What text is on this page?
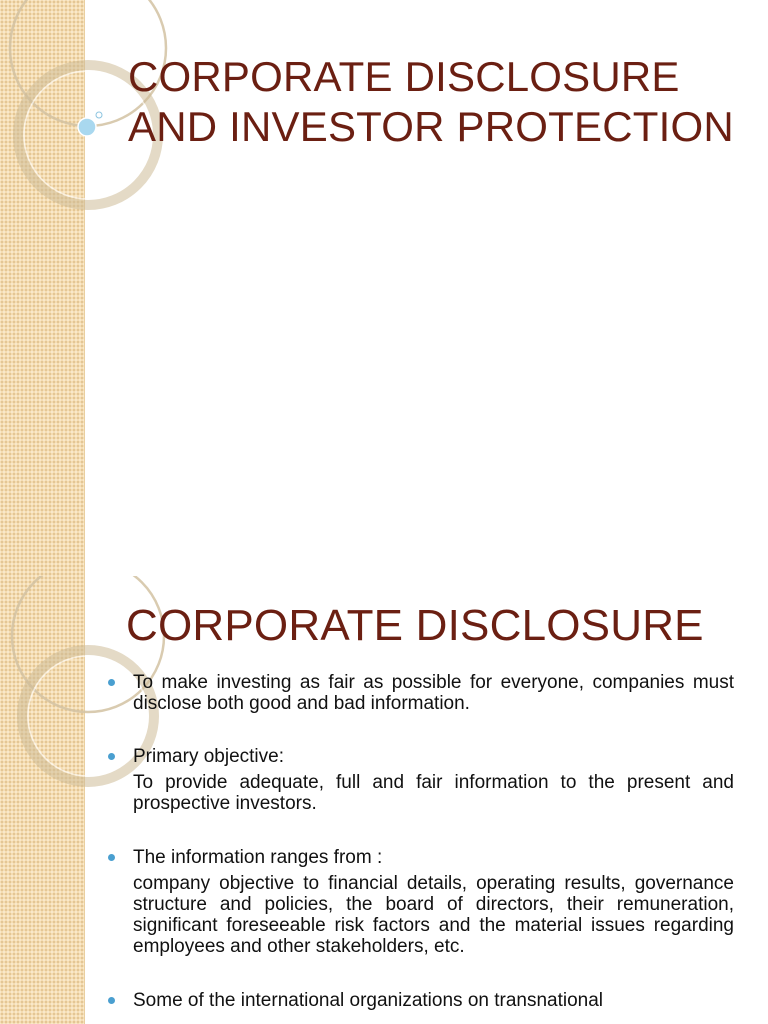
CORPORATE DISCLOSURE
AND INVESTOR PROTECTION
CORPORATE DISCLOSURE
To make investing as fair as possible for everyone, companies must disclose both good and bad information.
Primary objective:
To provide adequate, full and fair information to the present and prospective investors.
The information ranges from :
company objective to financial details, operating results, governance structure and policies, the board of directors, their remuneration, significant foreseeable risk factors and the material issues regarding employees and other stakeholders, etc.
Some of the international organizations on transnational
